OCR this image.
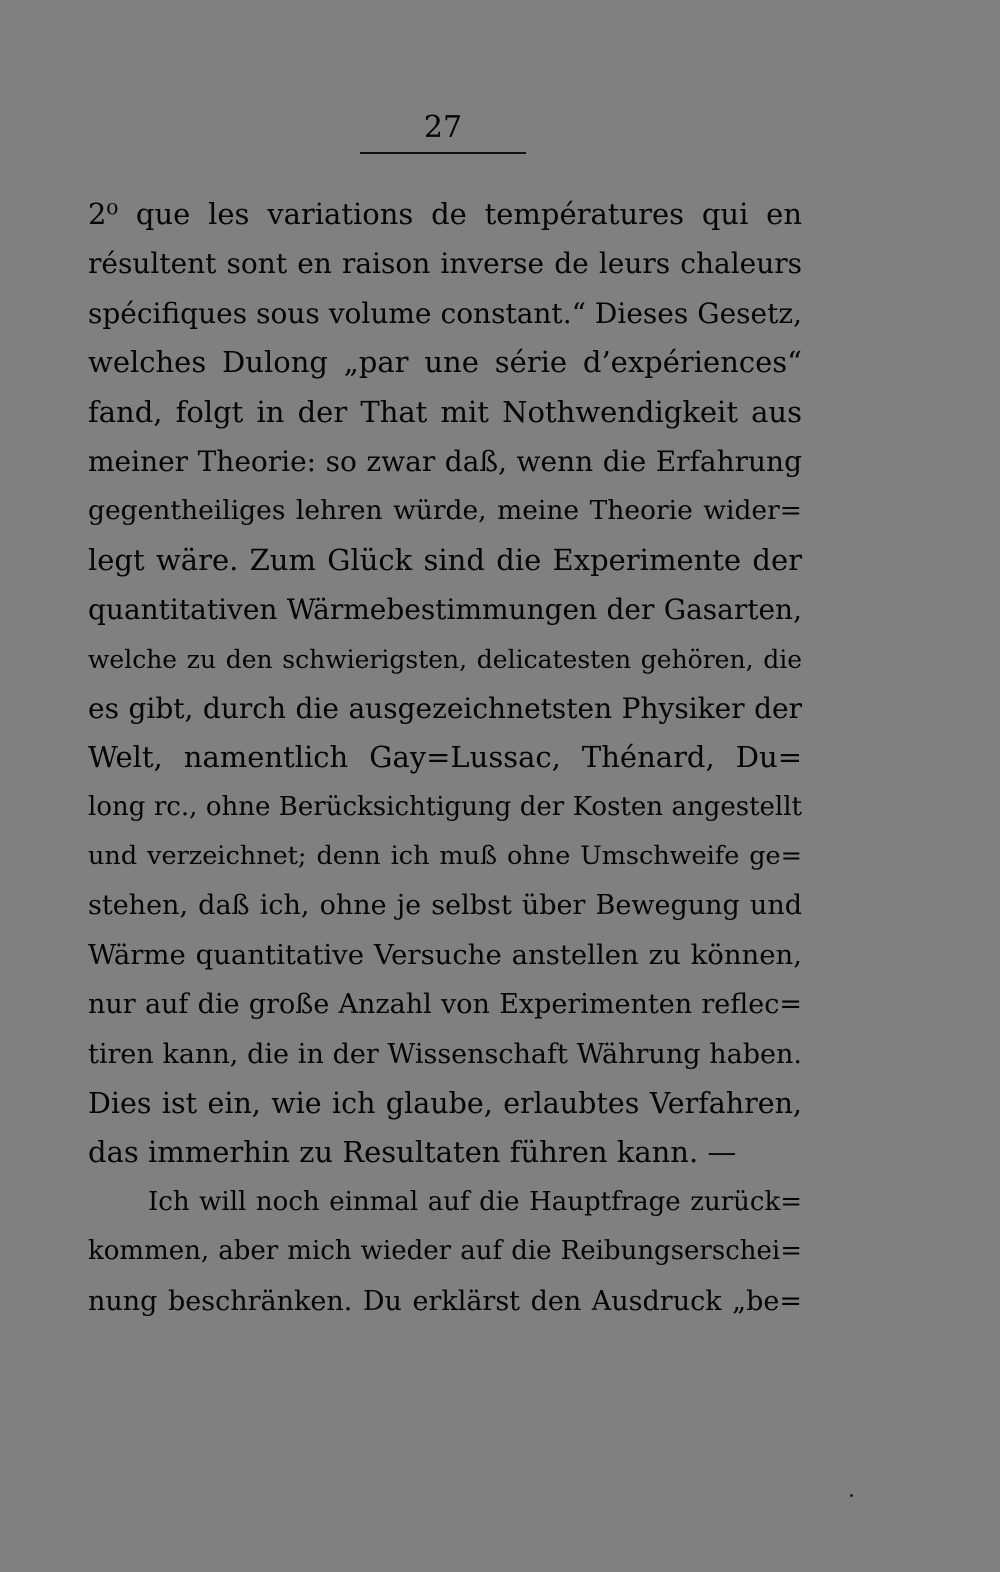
27
2⁰ que les variations de températures qui en
résultent sont en raison inverse de leurs chaleurs
spécifiques sous volume constant.“ Dieses Gesetz,
welches Dulong „par une série d’expériences“
fand, folgt in der That mit Nothwendigkeit aus
meiner Theorie: so zwar daß, wenn die Erfahrung
gegentheiliges lehren würde, meine Theorie wider=
legt wäre. Zum Glück sind die Experimente der
quantitativen Wärmebestimmungen der Gasarten,
welche zu den schwierigsten, delicatesten gehören, die
es gibt, durch die ausgezeichnetsten Physiker der
Welt, namentlich Gay=Lussac, Thénard, Du=
long rc., ohne Berücksichtigung der Kosten angestellt
und verzeichnet; denn ich muß ohne Umschweife ge=
stehen, daß ich, ohne je selbst über Bewegung und
Wärme quantitative Versuche anstellen zu können,
nur auf die große Anzahl von Experimenten reflec=
tiren kann, die in der Wissenschaft Währung haben.
Dies ist ein, wie ich glaube, erlaubtes Verfahren,
das immerhin zu Resultaten führen kann. —
Ich will noch einmal auf die Hauptfrage zurück=
kommen, aber mich wieder auf die Reibungserschei=
nung beschränken. Du erklärst den Ausdruck „be=
